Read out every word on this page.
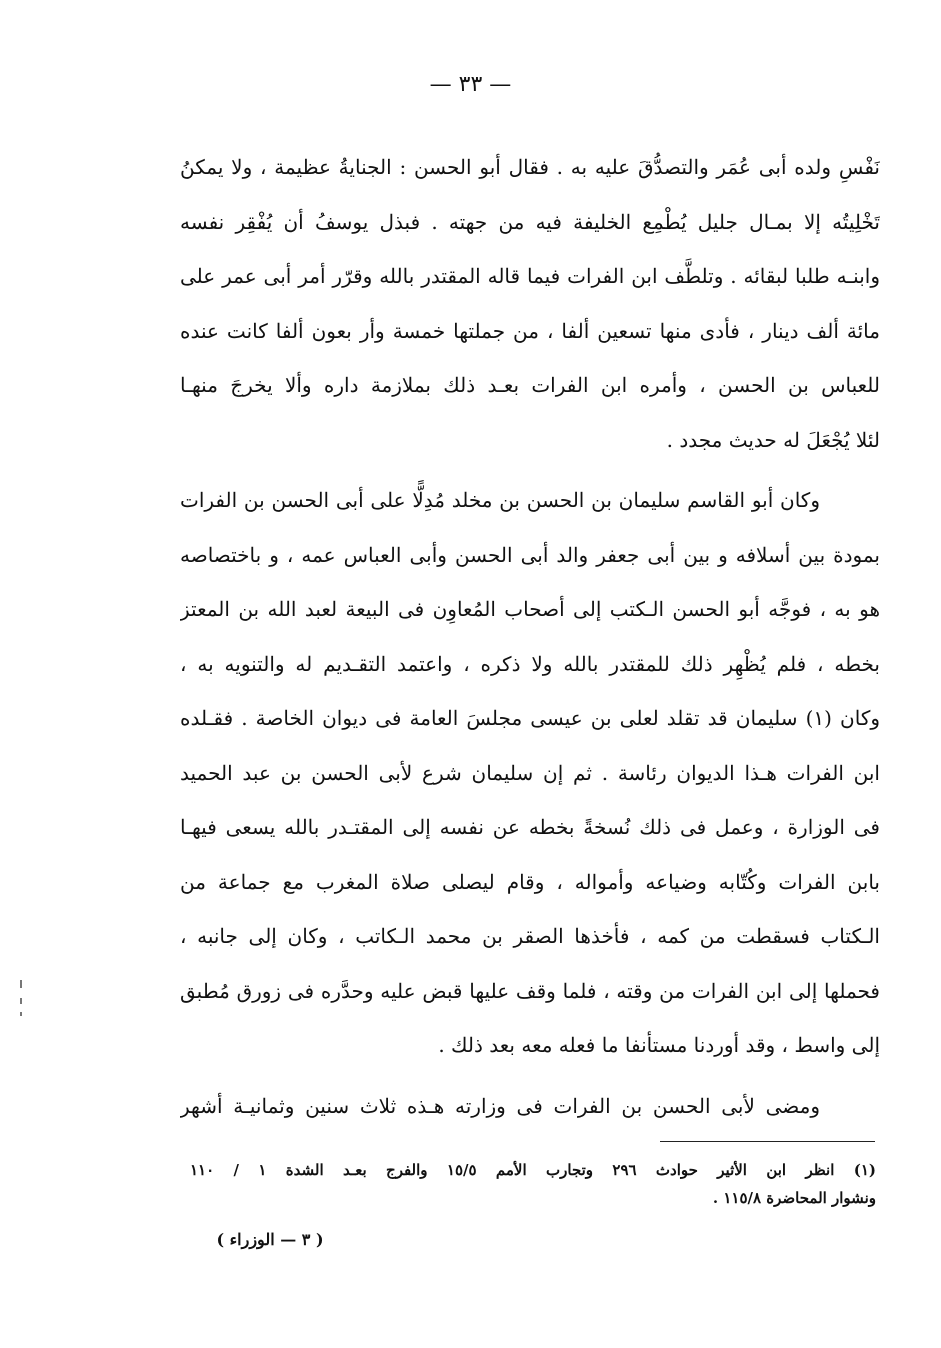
— ٣٣ —
نَفْسِ ولده أبى عُمَر والتصدُّقَ عليه به . فقال أبو الحسن : الجنايةُ عظيمة ، ولا يمكنُ
تَخْلِيتُه إلا بمـال جليل يُطْمِع الخليفة فيه من جهته . فبذل يوسفُ أن يُفْقِر نفسه
وابنـه طلبا لبقائه . وتلطَّف ابن الفرات فيما قاله المقتدر بالله وقرّر أمر أبى عمر على
مائة ألف دينار ، فأدى منها تسعين ألفا ، من جملتها خمسة وأر بعون ألفا كانت عنده
للعباس بن الحسن ، وأمره ابن الفرات بعـد ذلك بملازمة داره وألا يخرجَ منهـا
لئلا يُجْعَلَ له حديث مجدد .
وكان أبو القاسم سليمان بن الحسن بن مخلد مُدِلًّا على أبى الحسن بن الفرات
بمودة بين أسلافه و بين أبى جعفر والد أبى الحسن وأبى العباس عمه ، و باختصاصه
هو به ، فوجَّه أبو الحسن الـكتب إلى أصحاب المُعاوِن فى البيعة لعبد الله بن المعتز
بخطه ، فلم يُظْهِر ذلك للمقتدر بالله ولا ذكره ، واعتمد التقـديم له والتنويه به ،
وكان (١) سليمان قد تقلد لعلى بن عيسى مجلسَ العامة فى ديوان الخاصة . فقـلده
ابن الفرات هـذا الديوان رئاسة . ثم إن سليمان شرع لأبى الحسن بن عبد الحميد
فى الوزارة ، وعمل فى ذلك نُسخةً بخطه عن نفسه إلى المقتـدر بالله يسعى فيهـا
بابن الفرات وكُتّابه وضياعه وأمواله ، وقام ليصلى صلاة المغرب مع جماعة من
الـكتاب فسقطت من كمه ، فأخذها الصقر بن محمد الـكاتب ، وكان إلى جانبه ،
فحملها إلى ابن الفرات من وقته ، فلما وقف عليها قبض عليه وحدَّره فى زورق مُطبق
إلى واسط ، وقد أوردنا مستأنفا ما فعله معه بعد ذلك .
ومضى لأبى الحسن بن الفرات فى وزارته هـذه ثلاث سنين وثمانيـة أشهر
(١) انظر ابن الأثير حوادث ٢٩٦ وتجارب الأمم ١٥/٥ والفرج بعـد الشدة ١ / ١١٠
ونشوار المحاضرة ١١٥/٨ .
( ٣ — الوزراء )
